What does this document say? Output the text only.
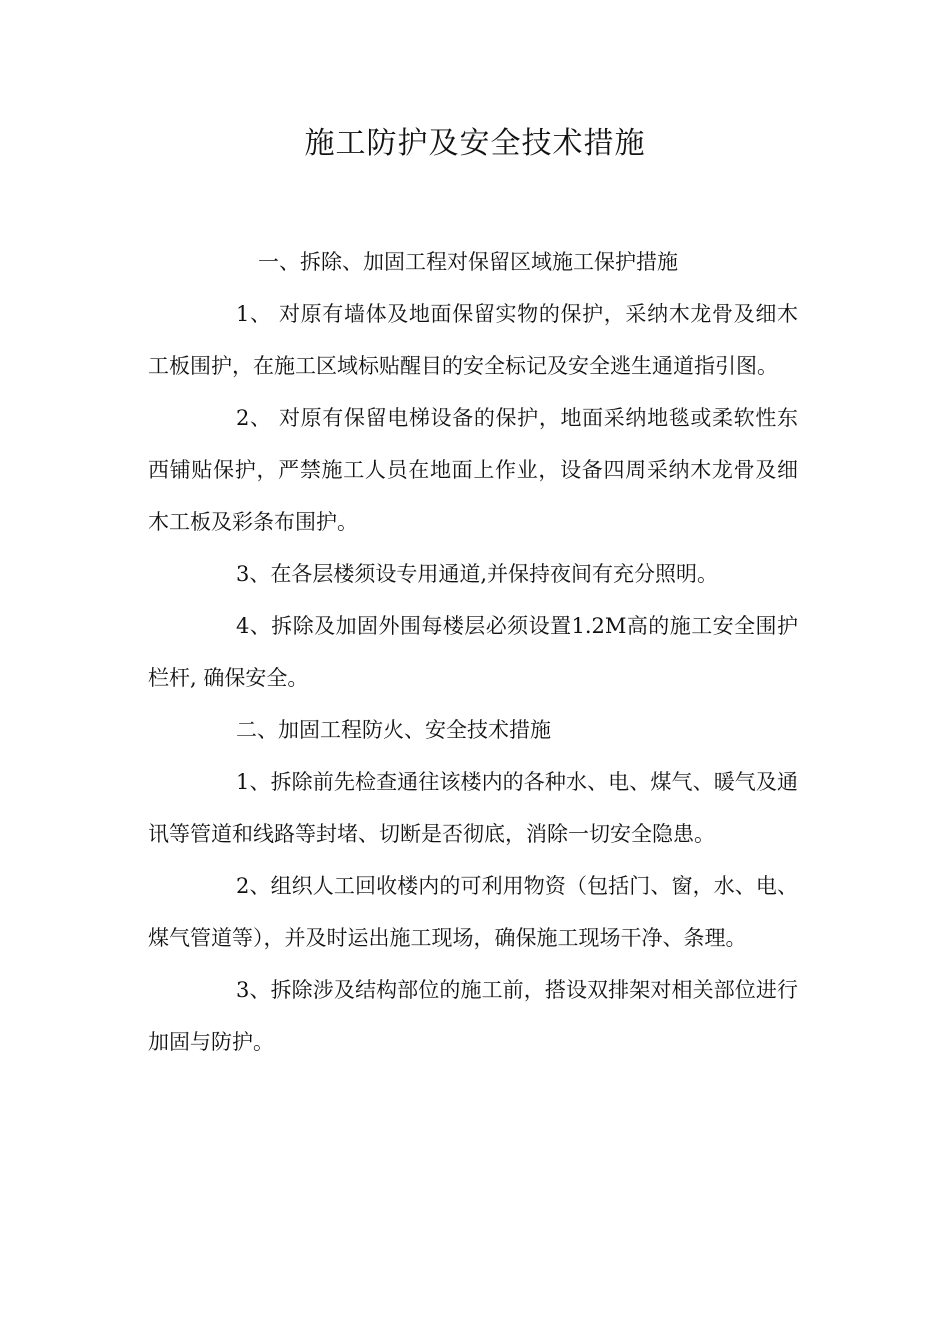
施工防护及安全技术措施

一、拆除、加固工程对保留区域施工保护措施

1、 对原有墙体及地面保留实物的保护，采纳木龙骨及细木工板围护，在施工区域标贴醒目的安全标记及安全逃生通道指引图。

2、 对原有保留电梯设备的保护，地面采纳地毯或柔软性东西铺贴保护，严禁施工人员在地面上作业，设备四周采纳木龙骨及细木工板及彩条布围护。

3、在各层楼须设专用通道,并保持夜间有充分照明。

4、拆除及加固外围每楼层必须设置1.2M高的施工安全围护栏杆, 确保安全。

二、加固工程防火、安全技术措施

1、拆除前先检查通往该楼内的各种水、电、煤气、暖气及通讯等管道和线路等封堵、切断是否彻底，消除一切安全隐患。

2、组织人工回收楼内的可利用物资（包括门、窗，水、电、煤气管道等），并及时运出施工现场，确保施工现场干净、条理。

3、拆除涉及结构部位的施工前，搭设双排架对相关部位进行加固与防护。
